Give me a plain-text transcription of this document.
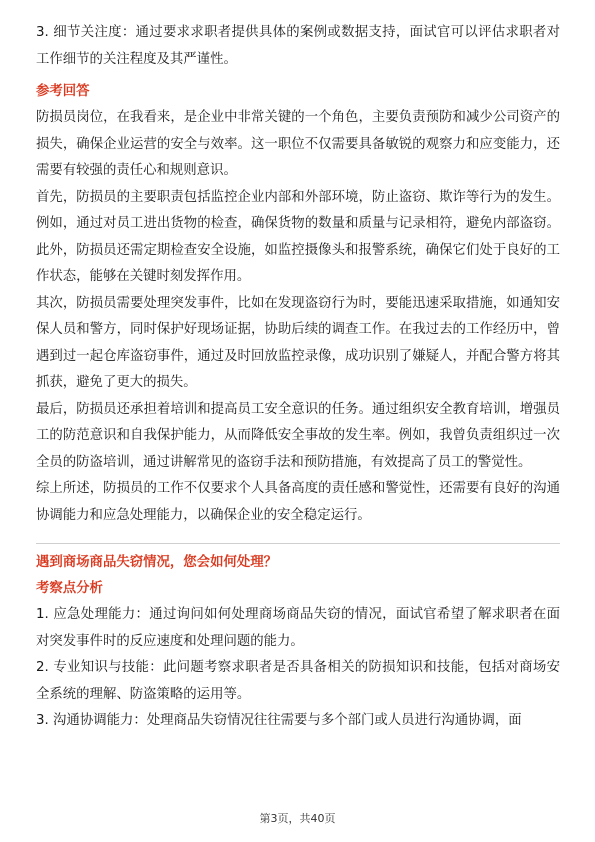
3. 细节关注度：通过要求求职者提供具体的案例或数据支持，面试官可以评估求职者对工作细节的关注程度及其严谨性。

参考回答

防损员岗位，在我看来，是企业中非常关键的一个角色，主要负责预防和减少公司资产的损失，确保企业运营的安全与效率。这一职位不仅需要具备敏锐的观察力和应变能力，还需要有较强的责任心和规则意识。

首先，防损员的主要职责包括监控企业内部和外部环境，防止盗窃、欺诈等行为的发生。例如，通过对员工进出货物的检查，确保货物的数量和质量与记录相符，避免内部盗窃。此外，防损员还需定期检查安全设施，如监控摄像头和报警系统，确保它们处于良好的工作状态，能够在关键时刻发挥作用。

其次，防损员需要处理突发事件，比如在发现盗窃行为时，要能迅速采取措施，如通知安保人员和警方，同时保护好现场证据，协助后续的调查工作。在我过去的工作经历中，曾遇到过一起仓库盗窃事件，通过及时回放监控录像，成功识别了嫌疑人，并配合警方将其抓获，避免了更大的损失。

最后，防损员还承担着培训和提高员工安全意识的任务。通过组织安全教育培训，增强员工的防范意识和自我保护能力，从而降低安全事故的发生率。例如，我曾负责组织过一次全员的防盗培训，通过讲解常见的盗窃手法和预防措施，有效提高了员工的警觉性。

综上所述，防损员的工作不仅要求个人具备高度的责任感和警觉性，还需要有良好的沟通协调能力和应急处理能力，以确保企业的安全稳定运行。

遇到商场商品失窃情况，您会如何处理？

考察点分析

1. 应急处理能力：通过询问如何处理商场商品失窃的情况，面试官希望了解求职者在面对突发事件时的反应速度和处理问题的能力。

2. 专业知识与技能：此问题考察求职者是否具备相关的防损知识和技能，包括对商场安全系统的理解、防盗策略的运用等。

3. 沟通协调能力：处理商品失窃情况往往需要与多个部门或人员进行沟通协调，面

第3页，共40页
